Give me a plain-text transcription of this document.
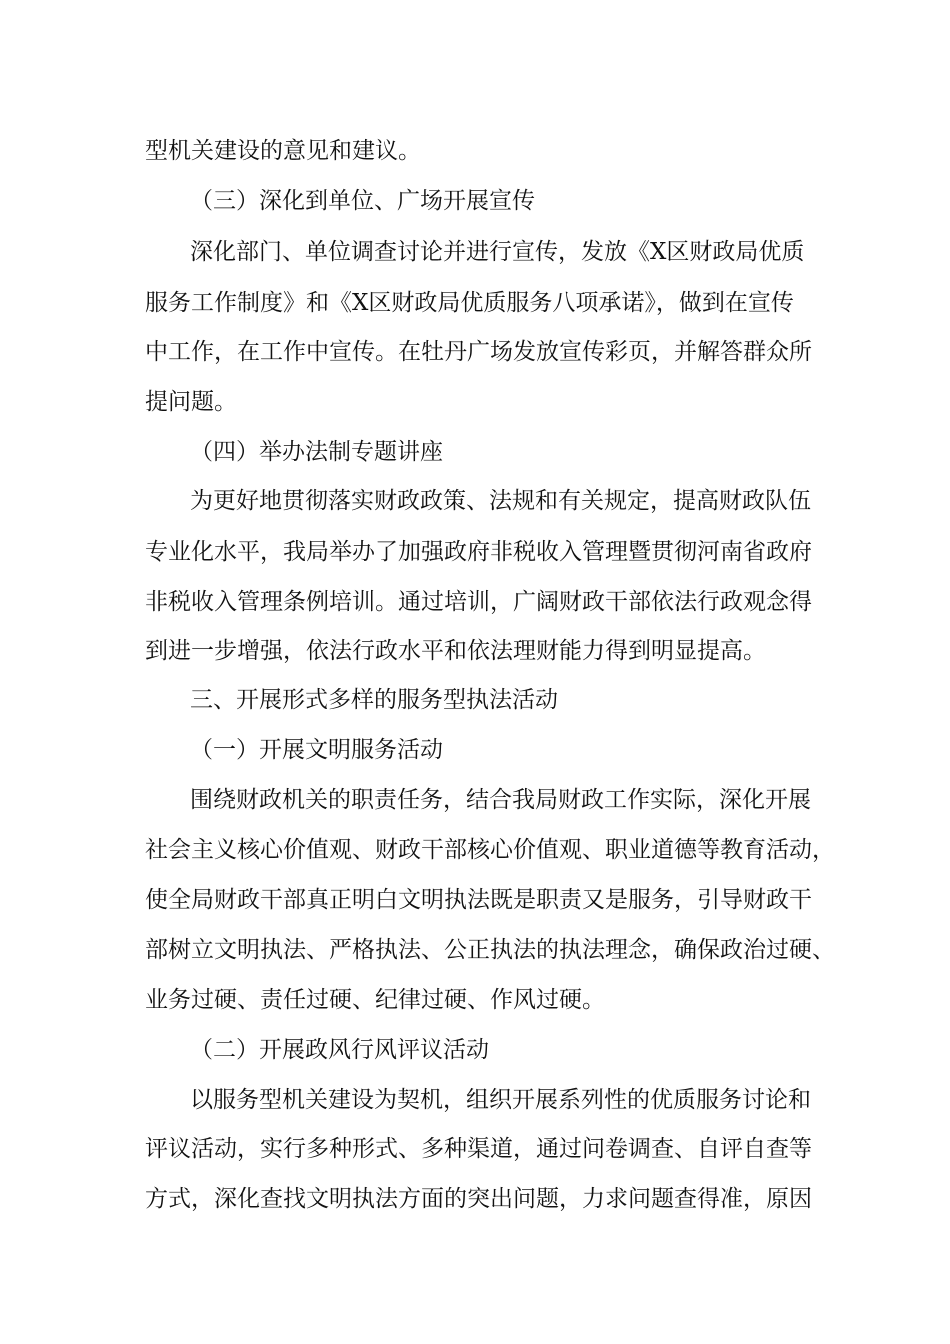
型机关建设的意见和建议。
（三）深化到单位、广场开展宣传
深化部门、单位调查讨论并进行宣传，发放《X区财政局优质
服务工作制度》和《X区财政局优质服务八项承诺》，做到在宣传
中工作，在工作中宣传。在牡丹广场发放宣传彩页，并解答群众所
提问题。
（四）举办法制专题讲座
为更好地贯彻落实财政政策、法规和有关规定，提高财政队伍
专业化水平，我局举办了加强政府非税收入管理暨贯彻河南省政府
非税收入管理条例培训。通过培训，广阔财政干部依法行政观念得
到进一步增强，依法行政水平和依法理财能力得到明显提高。
三、开展形式多样的服务型执法活动
（一）开展文明服务活动
围绕财政机关的职责任务，结合我局财政工作实际，深化开展
社会主义核心价值观、财政干部核心价值观、职业道德等教育活动，
使全局财政干部真正明白文明执法既是职责又是服务，引导财政干
部树立文明执法、严格执法、公正执法的执法理念，确保政治过硬、
业务过硬、责任过硬、纪律过硬、作风过硬。
（二）开展政风行风评议活动
以服务型机关建设为契机，组织开展系列性的优质服务讨论和
评议活动，实行多种形式、多种渠道，通过问卷调查、自评自查等
方式，深化查找文明执法方面的突出问题，力求问题查得准，原因
